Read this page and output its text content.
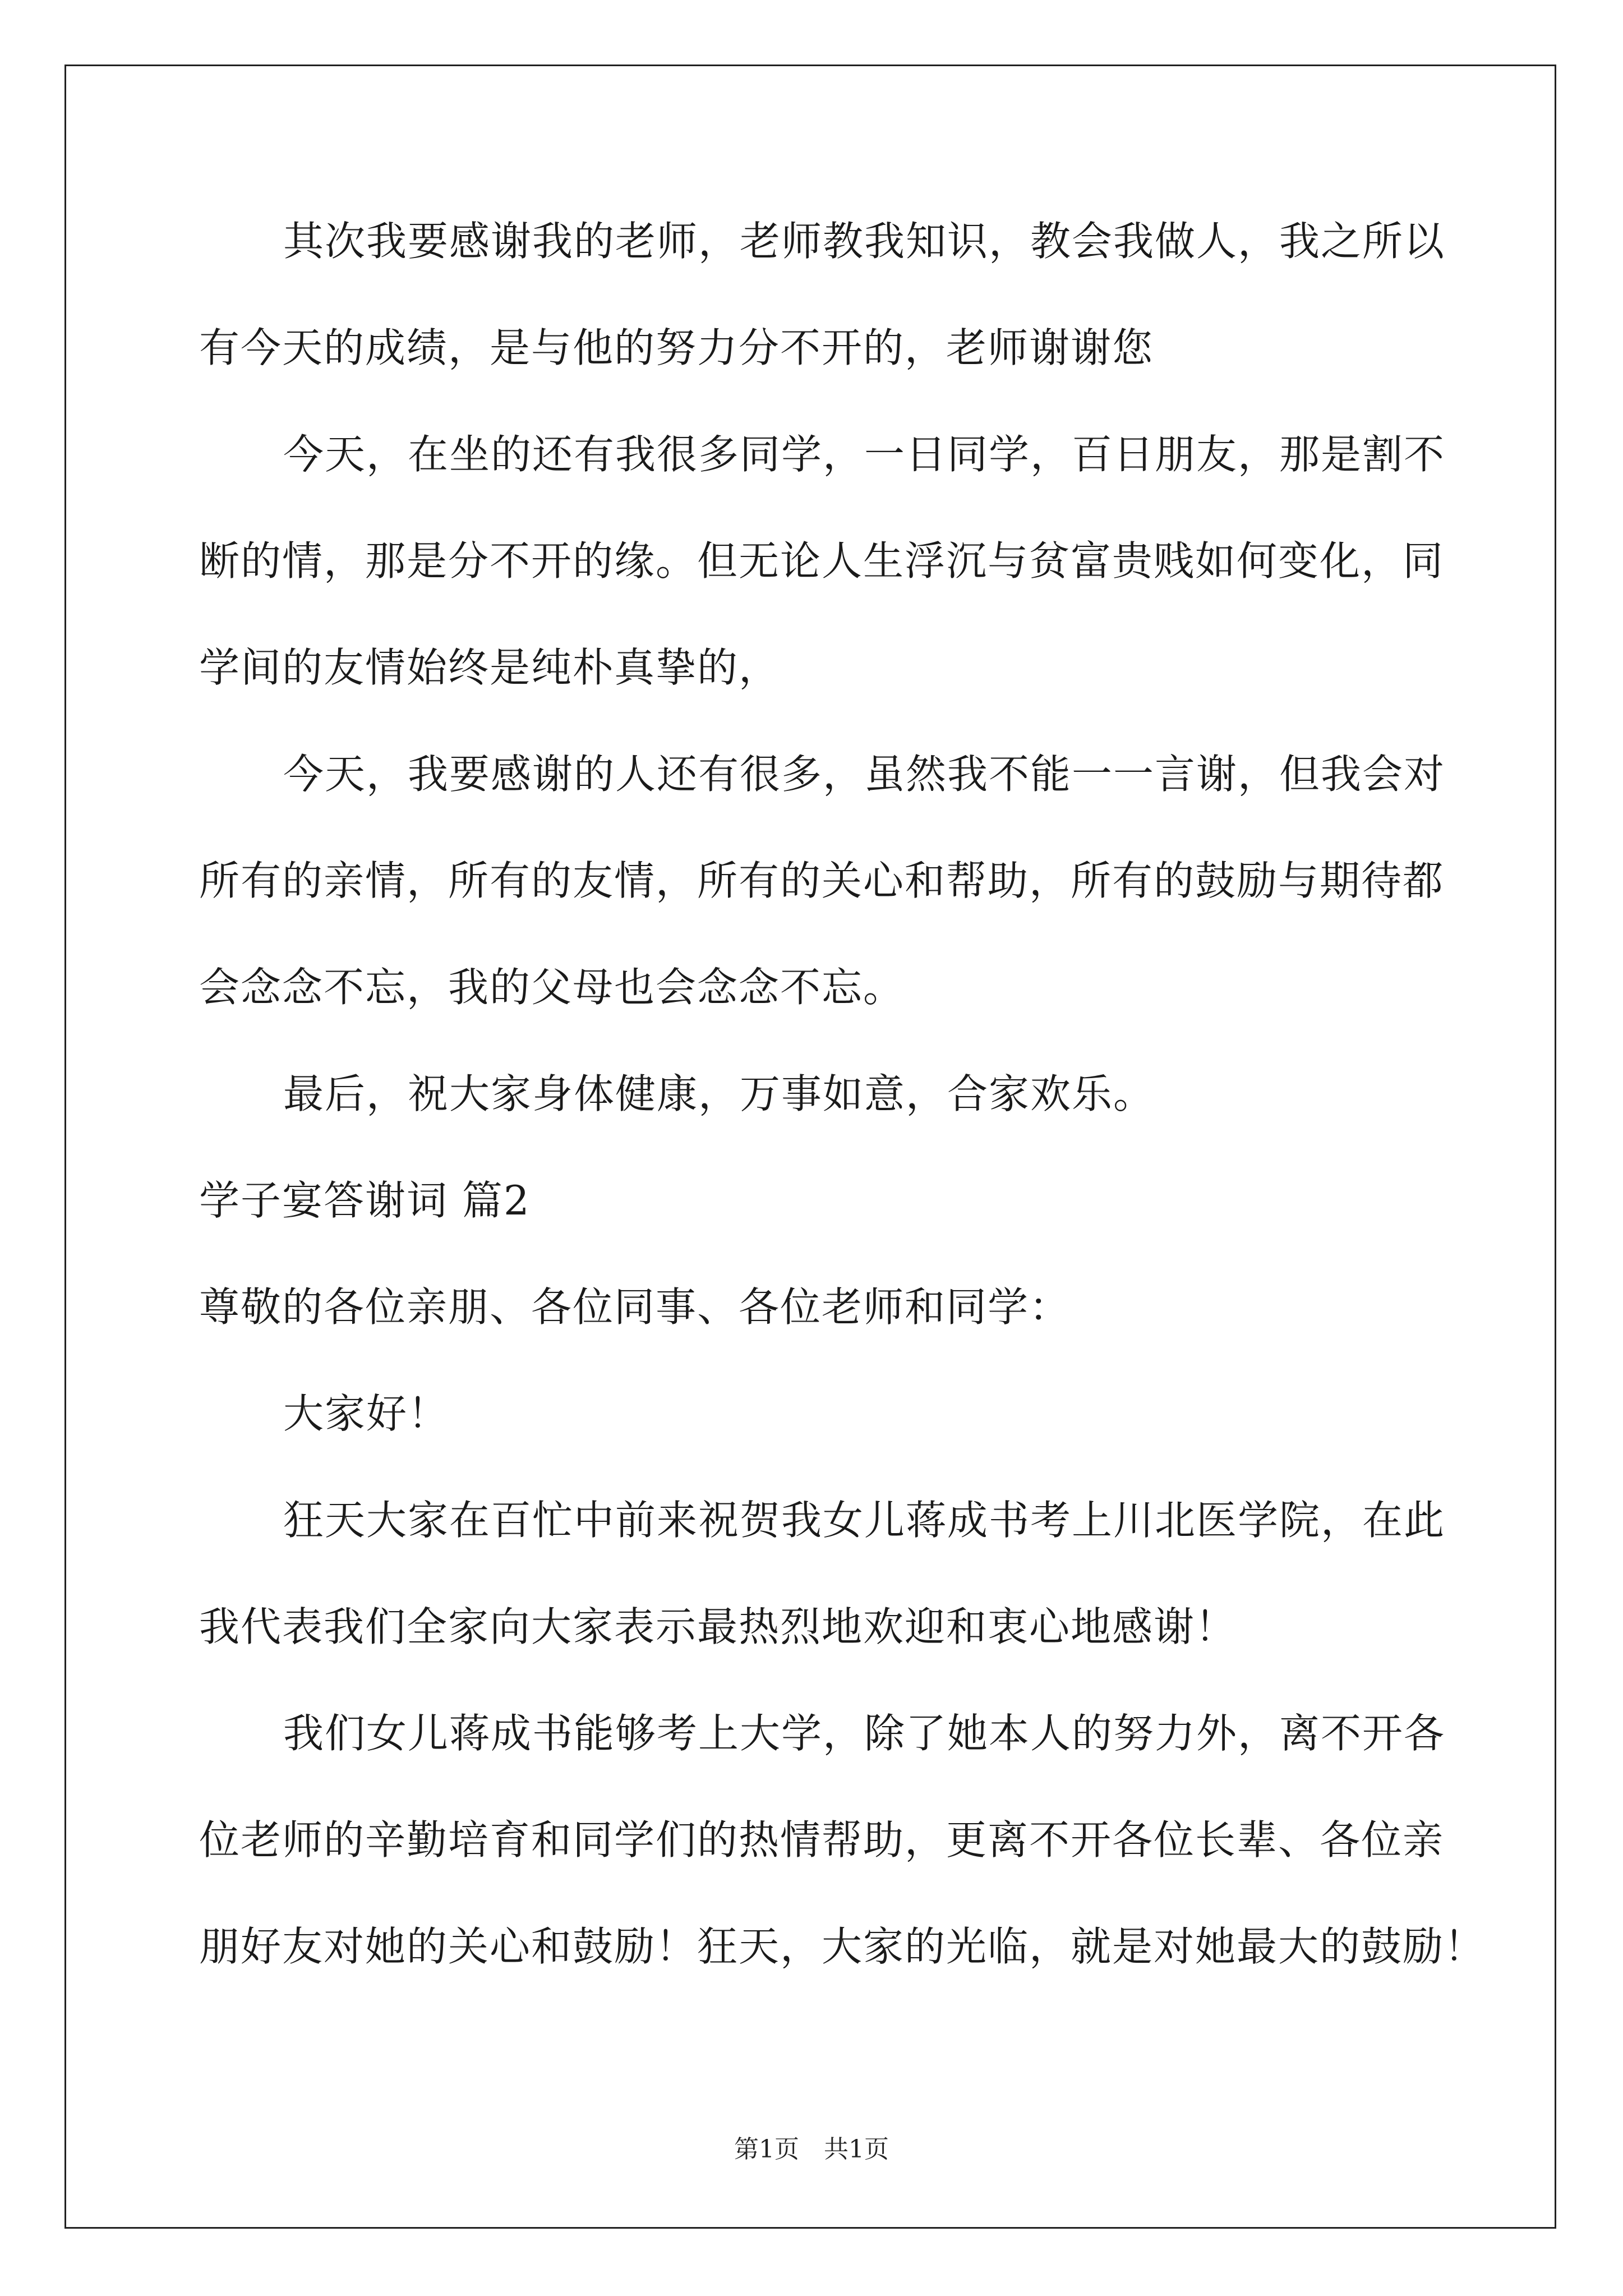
其次我要感谢我的老师，老师教我知识，教会我做人，我之所以
有今天的成绩，是与他的努力分不开的，老师谢谢您
今天，在坐的还有我很多同学，一日同学，百日朋友，那是割不
断的情，那是分不开的缘。但无论人生浮沉与贫富贵贱如何变化，同
学间的友情始终是纯朴真挚的，
今天，我要感谢的人还有很多，虽然我不能一一言谢，但我会对
所有的亲情，所有的友情，所有的关心和帮助，所有的鼓励与期待都
会念念不忘，我的父母也会念念不忘。
最后，祝大家身体健康，万事如意，合家欢乐。
学子宴答谢词 篇2
尊敬的各位亲朋、各位同事、各位老师和同学：
大家好！
狂天大家在百忙中前来祝贺我女儿蒋成书考上川北医学院，在此
我代表我们全家向大家表示最热烈地欢迎和衷心地感谢！
我们女儿蒋成书能够考上大学，除了她本人的努力外，离不开各
位老师的辛勤培育和同学们的热情帮助，更离不开各位长辈、各位亲
朋好友对她的关心和鼓励！狂天，大家的光临，就是对她最大的鼓励！
第1页　共1页
